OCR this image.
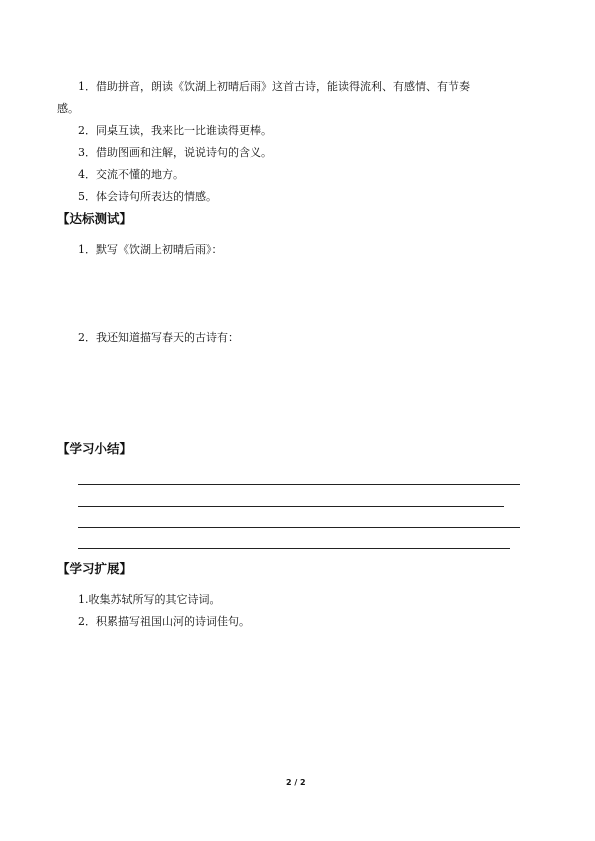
1．借助拼音，朗读《饮湖上初晴后雨》这首古诗，能读得流利、有感情、有节奏
感。
2．同桌互读，我来比一比谁读得更棒。
3．借助图画和注解，说说诗句的含义。
4．交流不懂的地方。
5．体会诗句所表达的情感。
【达标测试】
1．默写《饮湖上初晴后雨》：
2．我还知道描写春天的古诗有：
【学习小结】
【学习扩展】
1.收集苏轼所写的其它诗词。
2．积累描写祖国山河的诗词佳句。
2 / 2
